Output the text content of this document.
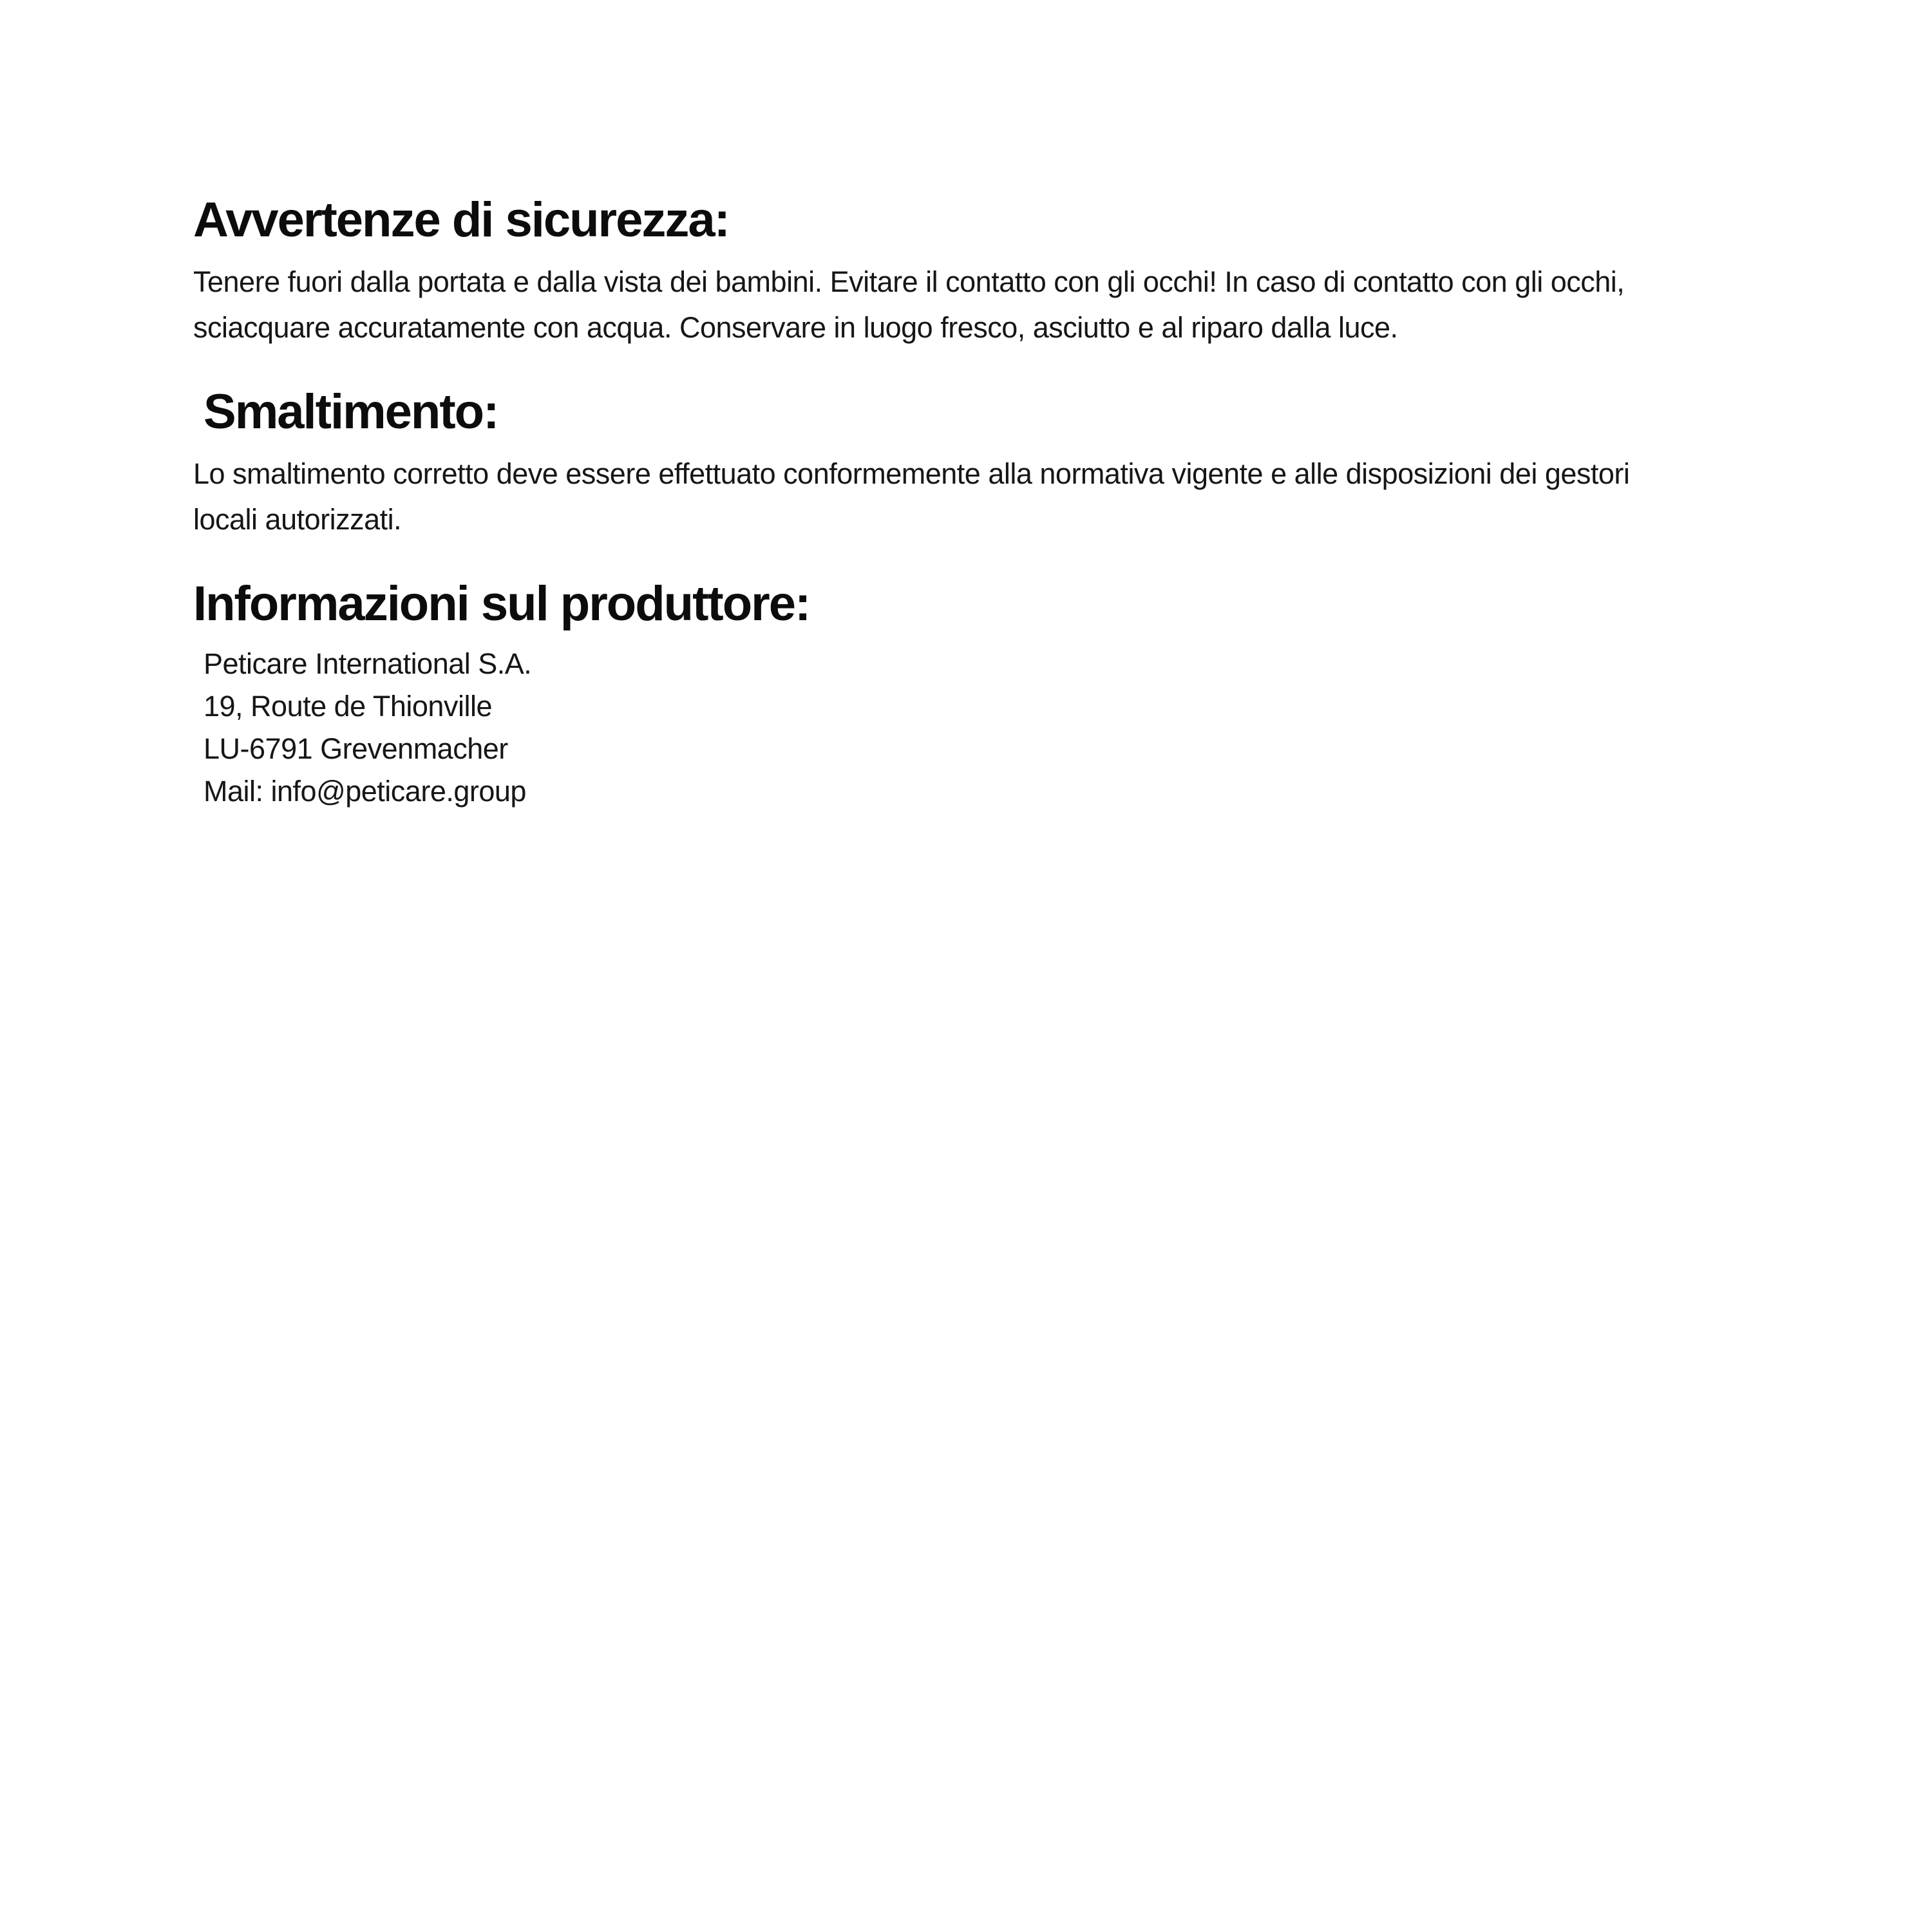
Avvertenze di sicurezza:
Tenere fuori dalla portata e dalla vista dei bambini. Evitare il contatto con gli occhi! In caso di contatto con gli occhi,
sciacquare accuratamente con acqua. Conservare in luogo fresco, asciutto e al riparo dalla luce.
Smaltimento:
Lo smaltimento corretto deve essere effettuato conformemente alla normativa vigente e alle disposizioni dei gestori
locali autorizzati.
Informazioni sul produttore:
Peticare International S.A.
19, Route de Thionville
LU-6791 Grevenmacher
Mail: info@peticare.group
